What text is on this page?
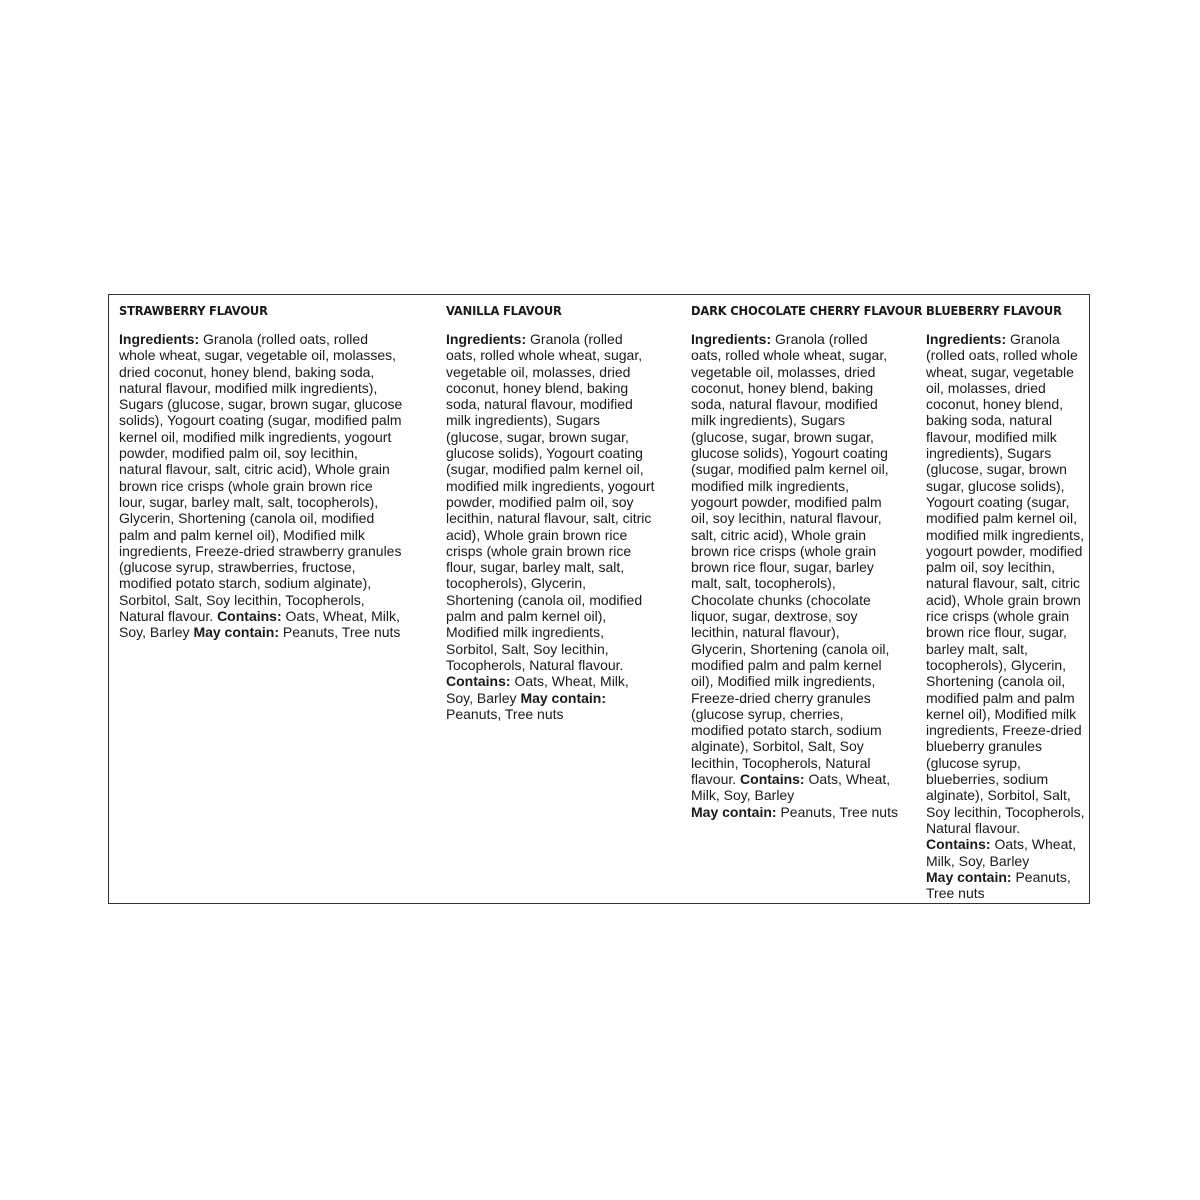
STRAWBERRY FLAVOUR
Ingredients: Granola (rolled oats, rolled
whole wheat, sugar, vegetable oil, molasses,
dried coconut, honey blend, baking soda,
natural flavour, modified milk ingredients),
Sugars (glucose, sugar, brown sugar, glucose
solids), Yogourt coating (sugar, modified palm
kernel oil, modified milk ingredients, yogourt
powder, modified palm oil, soy lecithin,
natural flavour, salt, citric acid), Whole grain
brown rice crisps (whole grain brown rice
lour, sugar, barley malt, salt, tocopherols),
Glycerin, Shortening (canola oil, modified
palm and palm kernel oil), Modified milk
ingredients, Freeze-dried strawberry granules
(glucose syrup, strawberries, fructose,
modified potato starch, sodium alginate),
Sorbitol, Salt, Soy lecithin, Tocopherols,
Natural flavour. Contains: Oats, Wheat, Milk,
Soy, Barley May contain: Peanuts, Tree nuts
VANILLA FLAVOUR
Ingredients: Granola (rolled
oats, rolled whole wheat, sugar,
vegetable oil, molasses, dried
coconut, honey blend, baking
soda, natural flavour, modified
milk ingredients), Sugars
(glucose, sugar, brown sugar,
glucose solids), Yogourt coating
(sugar, modified palm kernel oil,
modified milk ingredients, yogourt
powder, modified palm oil, soy
lecithin, natural flavour, salt, citric
acid), Whole grain brown rice
crisps (whole grain brown rice
flour, sugar, barley malt, salt,
tocopherols), Glycerin,
Shortening (canola oil, modified
palm and palm kernel oil),
Modified milk ingredients,
Sorbitol, Salt, Soy lecithin,
Tocopherols, Natural flavour.
Contains: Oats, Wheat, Milk,
Soy, Barley May contain:
Peanuts, Tree nuts
DARK CHOCOLATE CHERRY FLAVOUR
Ingredients: Granola (rolled
oats, rolled whole wheat, sugar,
vegetable oil, molasses, dried
coconut, honey blend, baking
soda, natural flavour, modified
milk ingredients), Sugars
(glucose, sugar, brown sugar,
glucose solids), Yogourt coating
(sugar, modified palm kernel oil,
modified milk ingredients,
yogourt powder, modified palm
oil, soy lecithin, natural flavour,
salt, citric acid), Whole grain
brown rice crisps (whole grain
brown rice flour, sugar, barley
malt, salt, tocopherols),
Chocolate chunks (chocolate
liquor, sugar, dextrose, soy
lecithin, natural flavour),
Glycerin, Shortening (canola oil,
modified palm and palm kernel
oil), Modified milk ingredients,
Freeze-dried cherry granules
(glucose syrup, cherries,
modified potato starch, sodium
alginate), Sorbitol, Salt, Soy
lecithin, Tocopherols, Natural
flavour. Contains: Oats, Wheat,
Milk, Soy, Barley
May contain: Peanuts, Tree nuts
BLUEBERRY FLAVOUR
Ingredients: Granola
(rolled oats, rolled whole
wheat, sugar, vegetable
oil, molasses, dried
coconut, honey blend,
baking soda, natural
flavour, modified milk
ingredients), Sugars
(glucose, sugar, brown
sugar, glucose solids),
Yogourt coating (sugar,
modified palm kernel oil,
modified milk ingredients,
yogourt powder, modified
palm oil, soy lecithin,
natural flavour, salt, citric
acid), Whole grain brown
rice crisps (whole grain
brown rice flour, sugar,
barley malt, salt,
tocopherols), Glycerin,
Shortening (canola oil,
modified palm and palm
kernel oil), Modified milk
ingredients, Freeze-dried
blueberry granules
(glucose syrup,
blueberries, sodium
alginate), Sorbitol, Salt,
Soy lecithin, Tocopherols,
Natural flavour.
Contains: Oats, Wheat,
Milk, Soy, Barley
May contain: Peanuts,
Tree nuts
